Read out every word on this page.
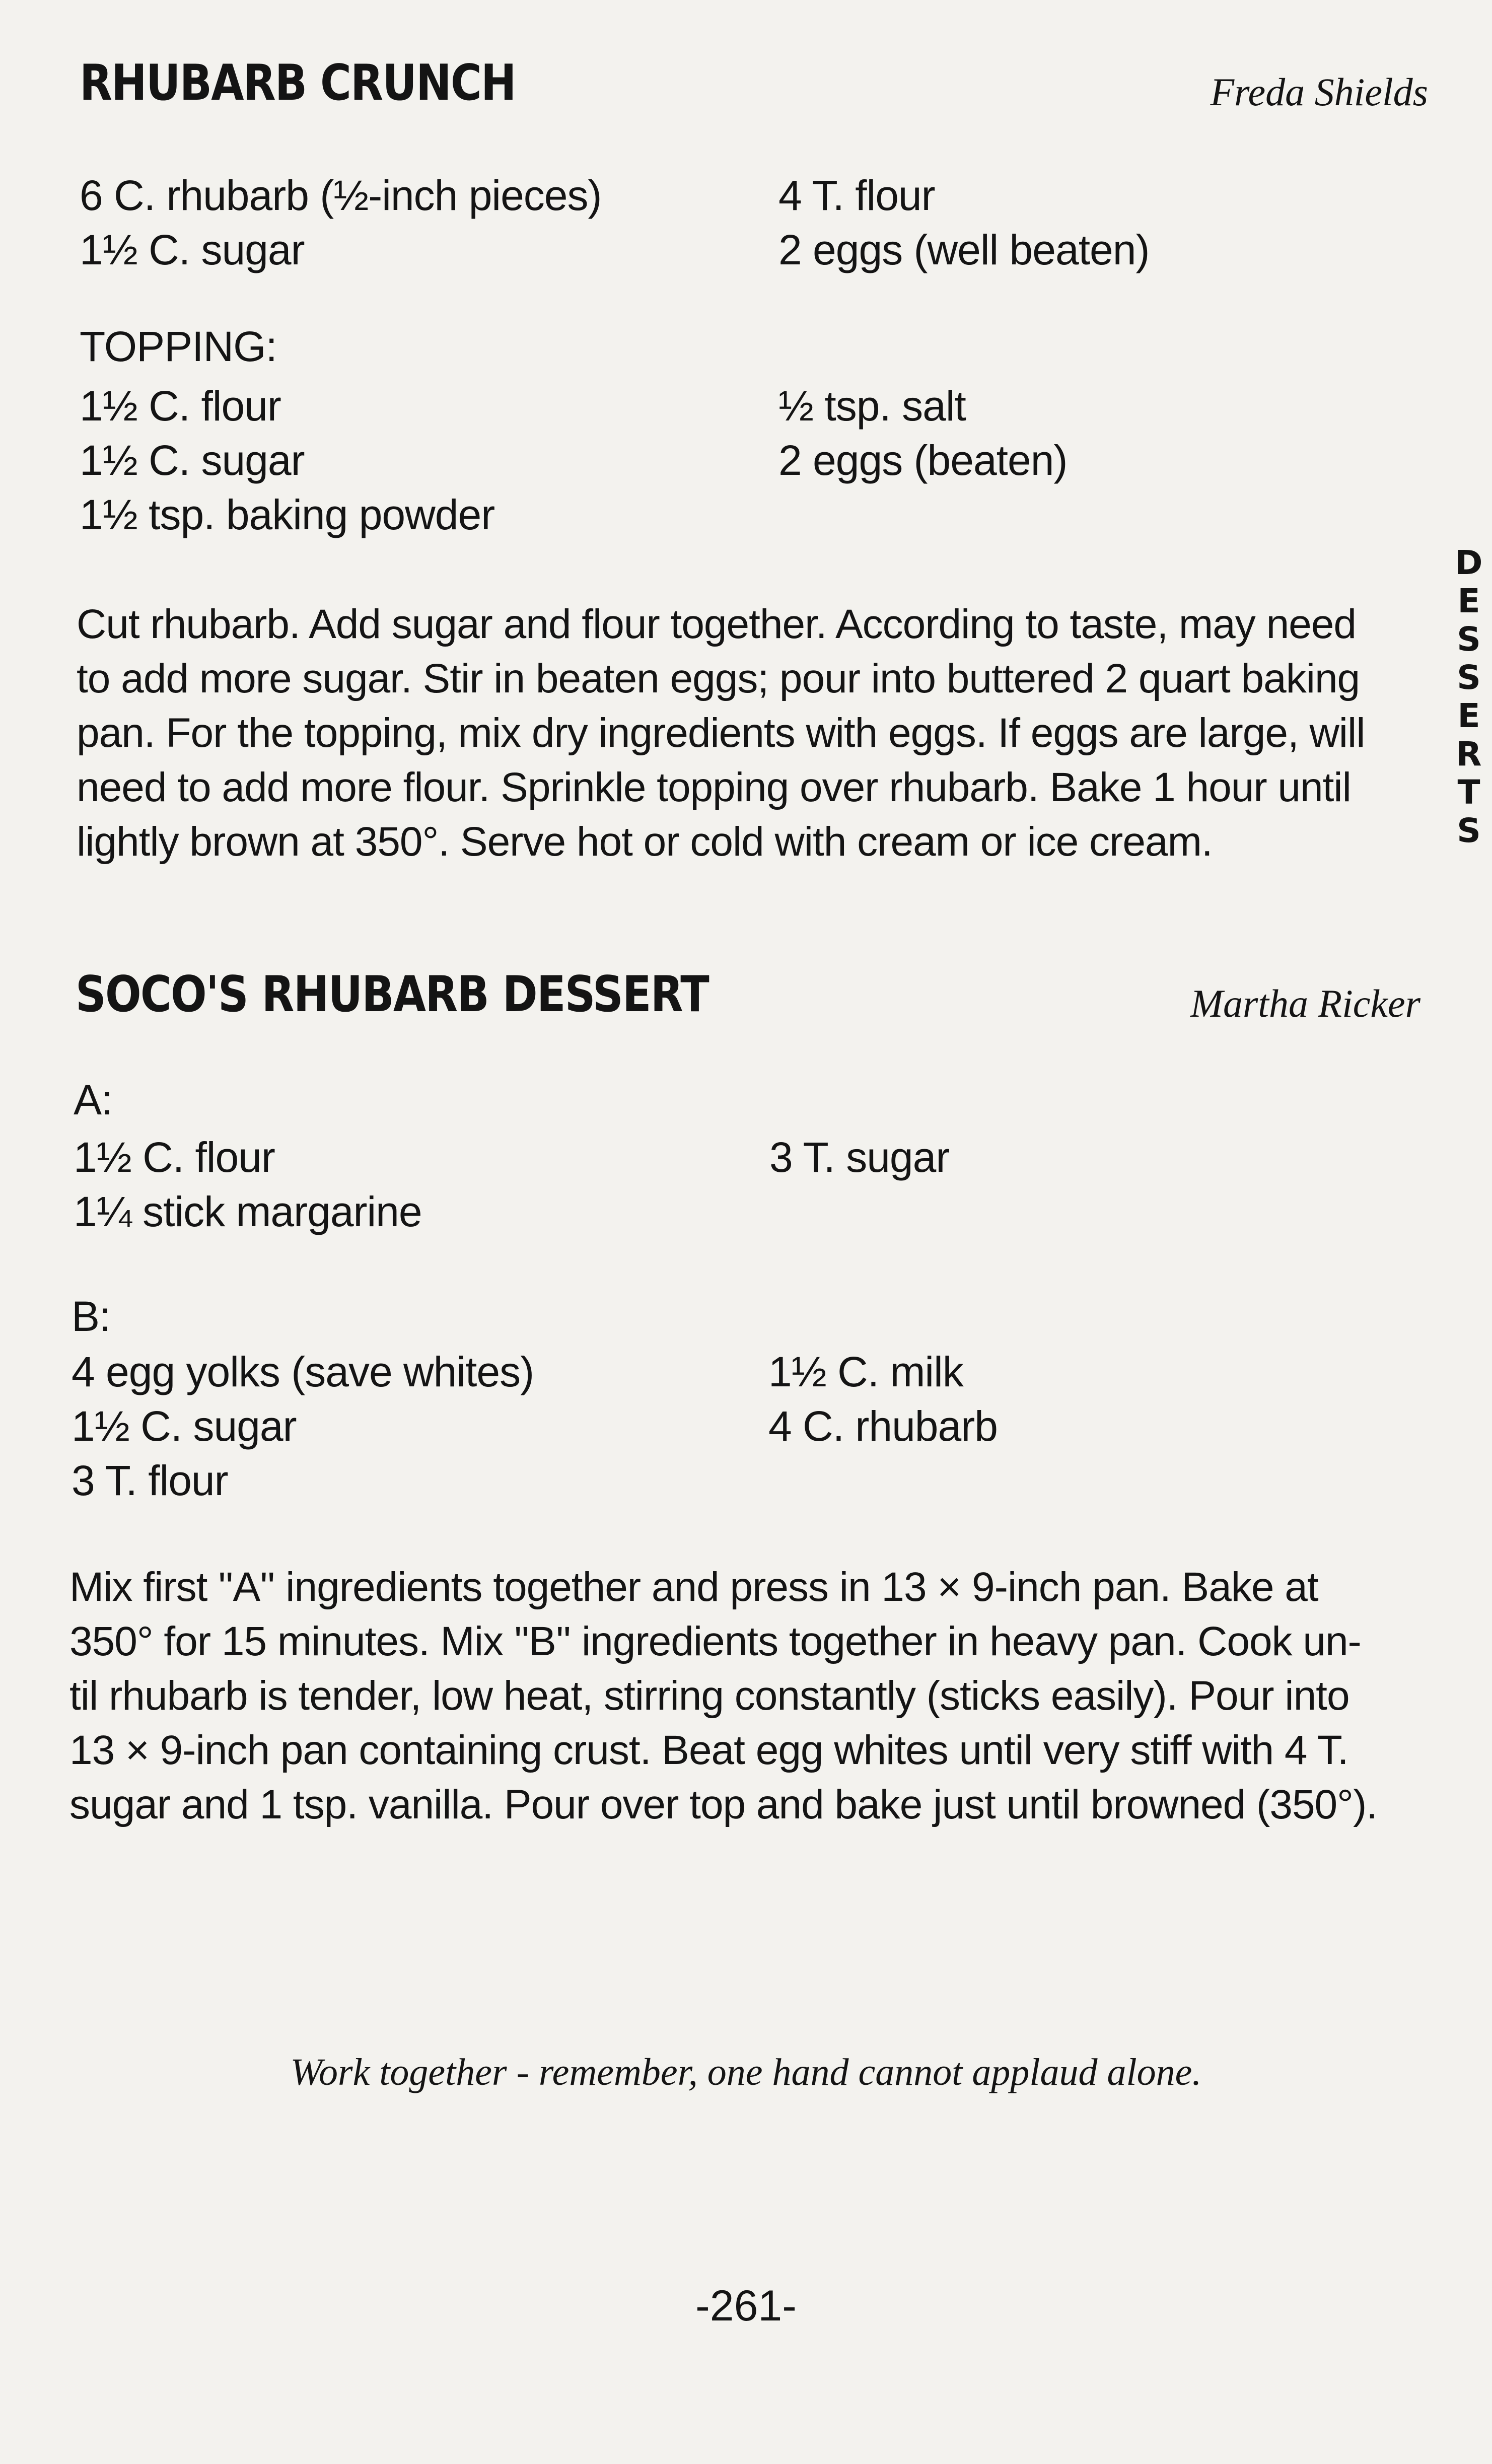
RHUBARB CRUNCH	Freda Shields
6 C. rhubarb (½-inch pieces)
1½ C. sugar
4 T. flour
2 eggs (well beaten)
TOPPING:
1½ C. flour
1½ C. sugar
1½ tsp. baking powder
½ tsp. salt
2 eggs (beaten)
Cut rhubarb. Add sugar and flour together. According to taste, may need
to add more sugar. Stir in beaten eggs; pour into buttered 2 quart baking
pan. For the topping, mix dry ingredients with eggs. If eggs are large, will
need to add more flour. Sprinkle topping over rhubarb. Bake 1 hour until
lightly brown at 350°. Serve hot or cold with cream or ice cream.
SOCO'S RHUBARB DESSERT	Martha Ricker
A:
1½ C. flour
1¼ stick margarine
3 T. sugar
B:
4 egg yolks (save whites)
1½ C. sugar
3 T. flour
1½ C. milk
4 C. rhubarb
Mix first ''A'' ingredients together and press in 13 × 9-inch pan. Bake at
350° for 15 minutes. Mix ''B'' ingredients together in heavy pan. Cook un-
til rhubarb is tender, low heat, stirring constantly (sticks easily). Pour into
13 × 9-inch pan containing crust. Beat egg whites until very stiff with 4 T.
sugar and 1 tsp. vanilla. Pour over top and bake just until browned (350°).
Work together - remember, one hand cannot applaud alone.
-261-
D
E
S
S
E
R
T
S
